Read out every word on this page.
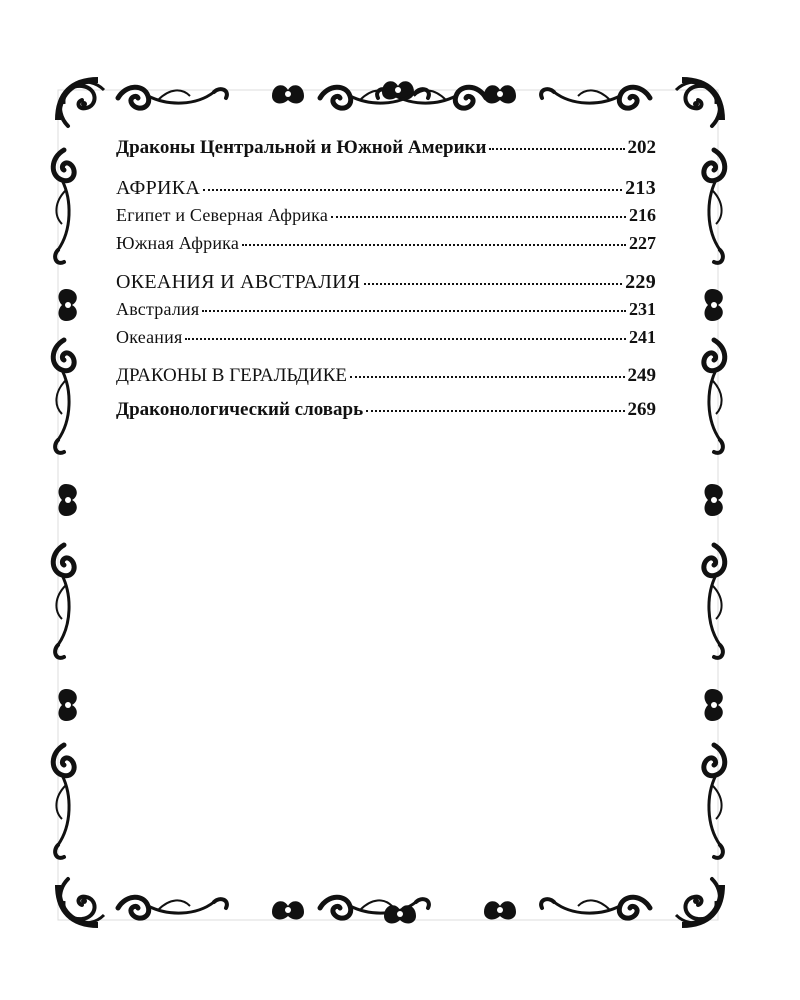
Драконы Центральной и Южной Америки	202
АФРИКА	213
Египет и Северная Африка	216
Южная Африка	227
ОКЕАНИЯ И АВСТРАЛИЯ	229
Австралия	231
Океания	241
ДРАКОНЫ В ГЕРАЛЬДИКЕ	249
Драконологический словарь	269
